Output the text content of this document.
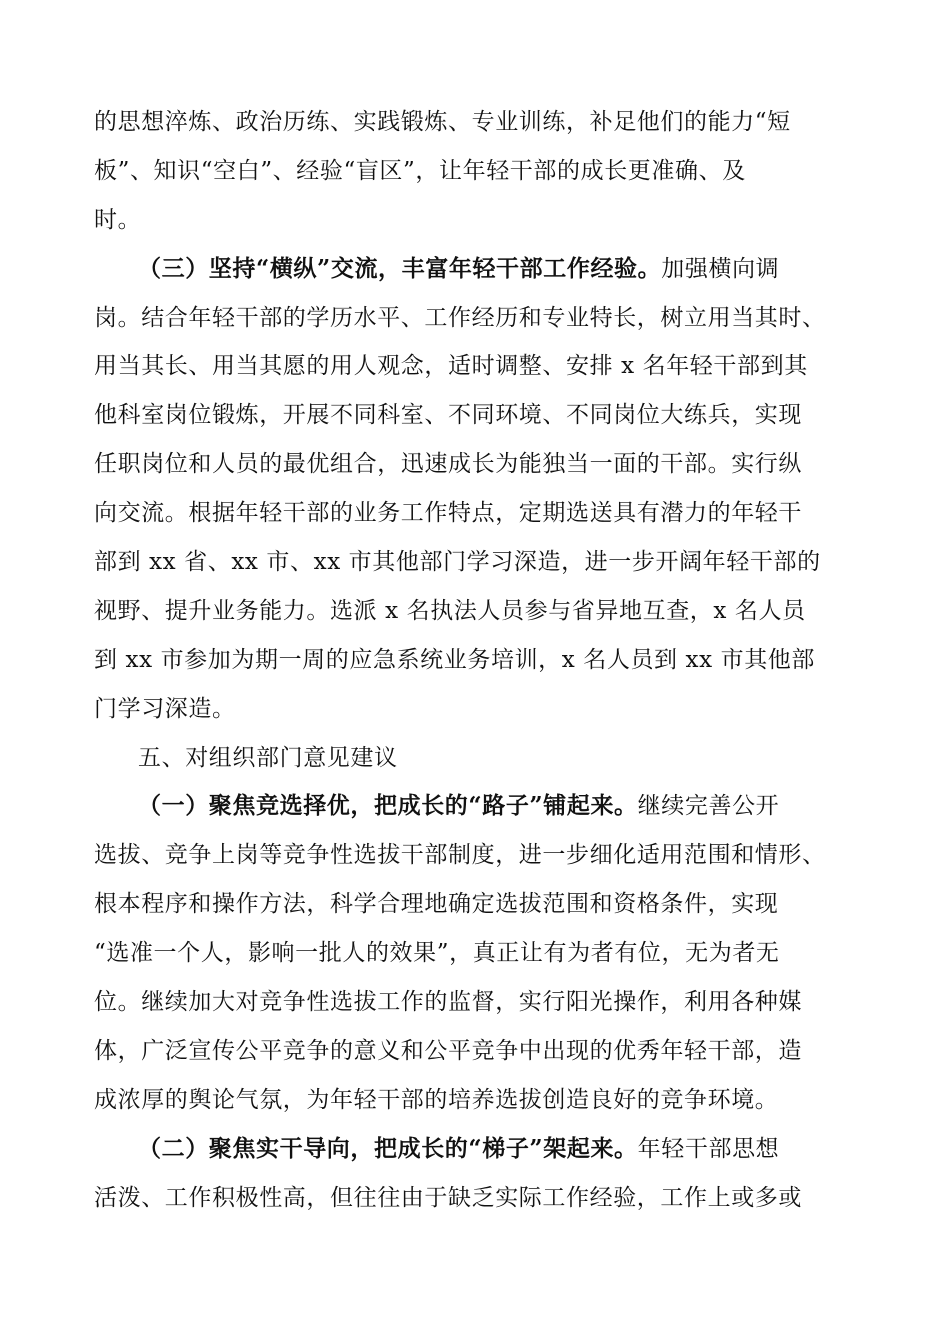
的思想淬炼、政治历练、实践锻炼、专业训练，补足他们的能力“短
板”、知识“空白”、经验“盲区”，让年轻干部的成长更准确、及
时。
（三）坚持“横纵”交流，丰富年轻干部工作经验。加强横向调
岗。结合年轻干部的学历水平、工作经历和专业特长，树立用当其时、
用当其长、用当其愿的用人观念，适时调整、安排 x 名年轻干部到其
他科室岗位锻炼，开展不同科室、不同环境、不同岗位大练兵，实现
任职岗位和人员的最优组合，迅速成长为能独当一面的干部。实行纵
向交流。根据年轻干部的业务工作特点，定期选送具有潜力的年轻干
部到 xx 省、xx 市、xx 市其他部门学习深造，进一步开阔年轻干部的
视野、提升业务能力。选派 x 名执法人员参与省异地互查，x 名人员
到 xx 市参加为期一周的应急系统业务培训，x 名人员到 xx 市其他部
门学习深造。
五、对组织部门意见建议
（一）聚焦竞选择优，把成长的“路子”铺起来。继续完善公开
选拔、竞争上岗等竞争性选拔干部制度，进一步细化适用范围和情形、
根本程序和操作方法，科学合理地确定选拔范围和资格条件，实现
“选准一个人，影响一批人的效果”，真正让有为者有位，无为者无
位。继续加大对竞争性选拔工作的监督，实行阳光操作，利用各种媒
体，广泛宣传公平竞争的意义和公平竞争中出现的优秀年轻干部，造
成浓厚的舆论气氛，为年轻干部的培养选拔创造良好的竞争环境。
（二）聚焦实干导向，把成长的“梯子”架起来。年轻干部思想
活泼、工作积极性高，但往往由于缺乏实际工作经验，工作上或多或
